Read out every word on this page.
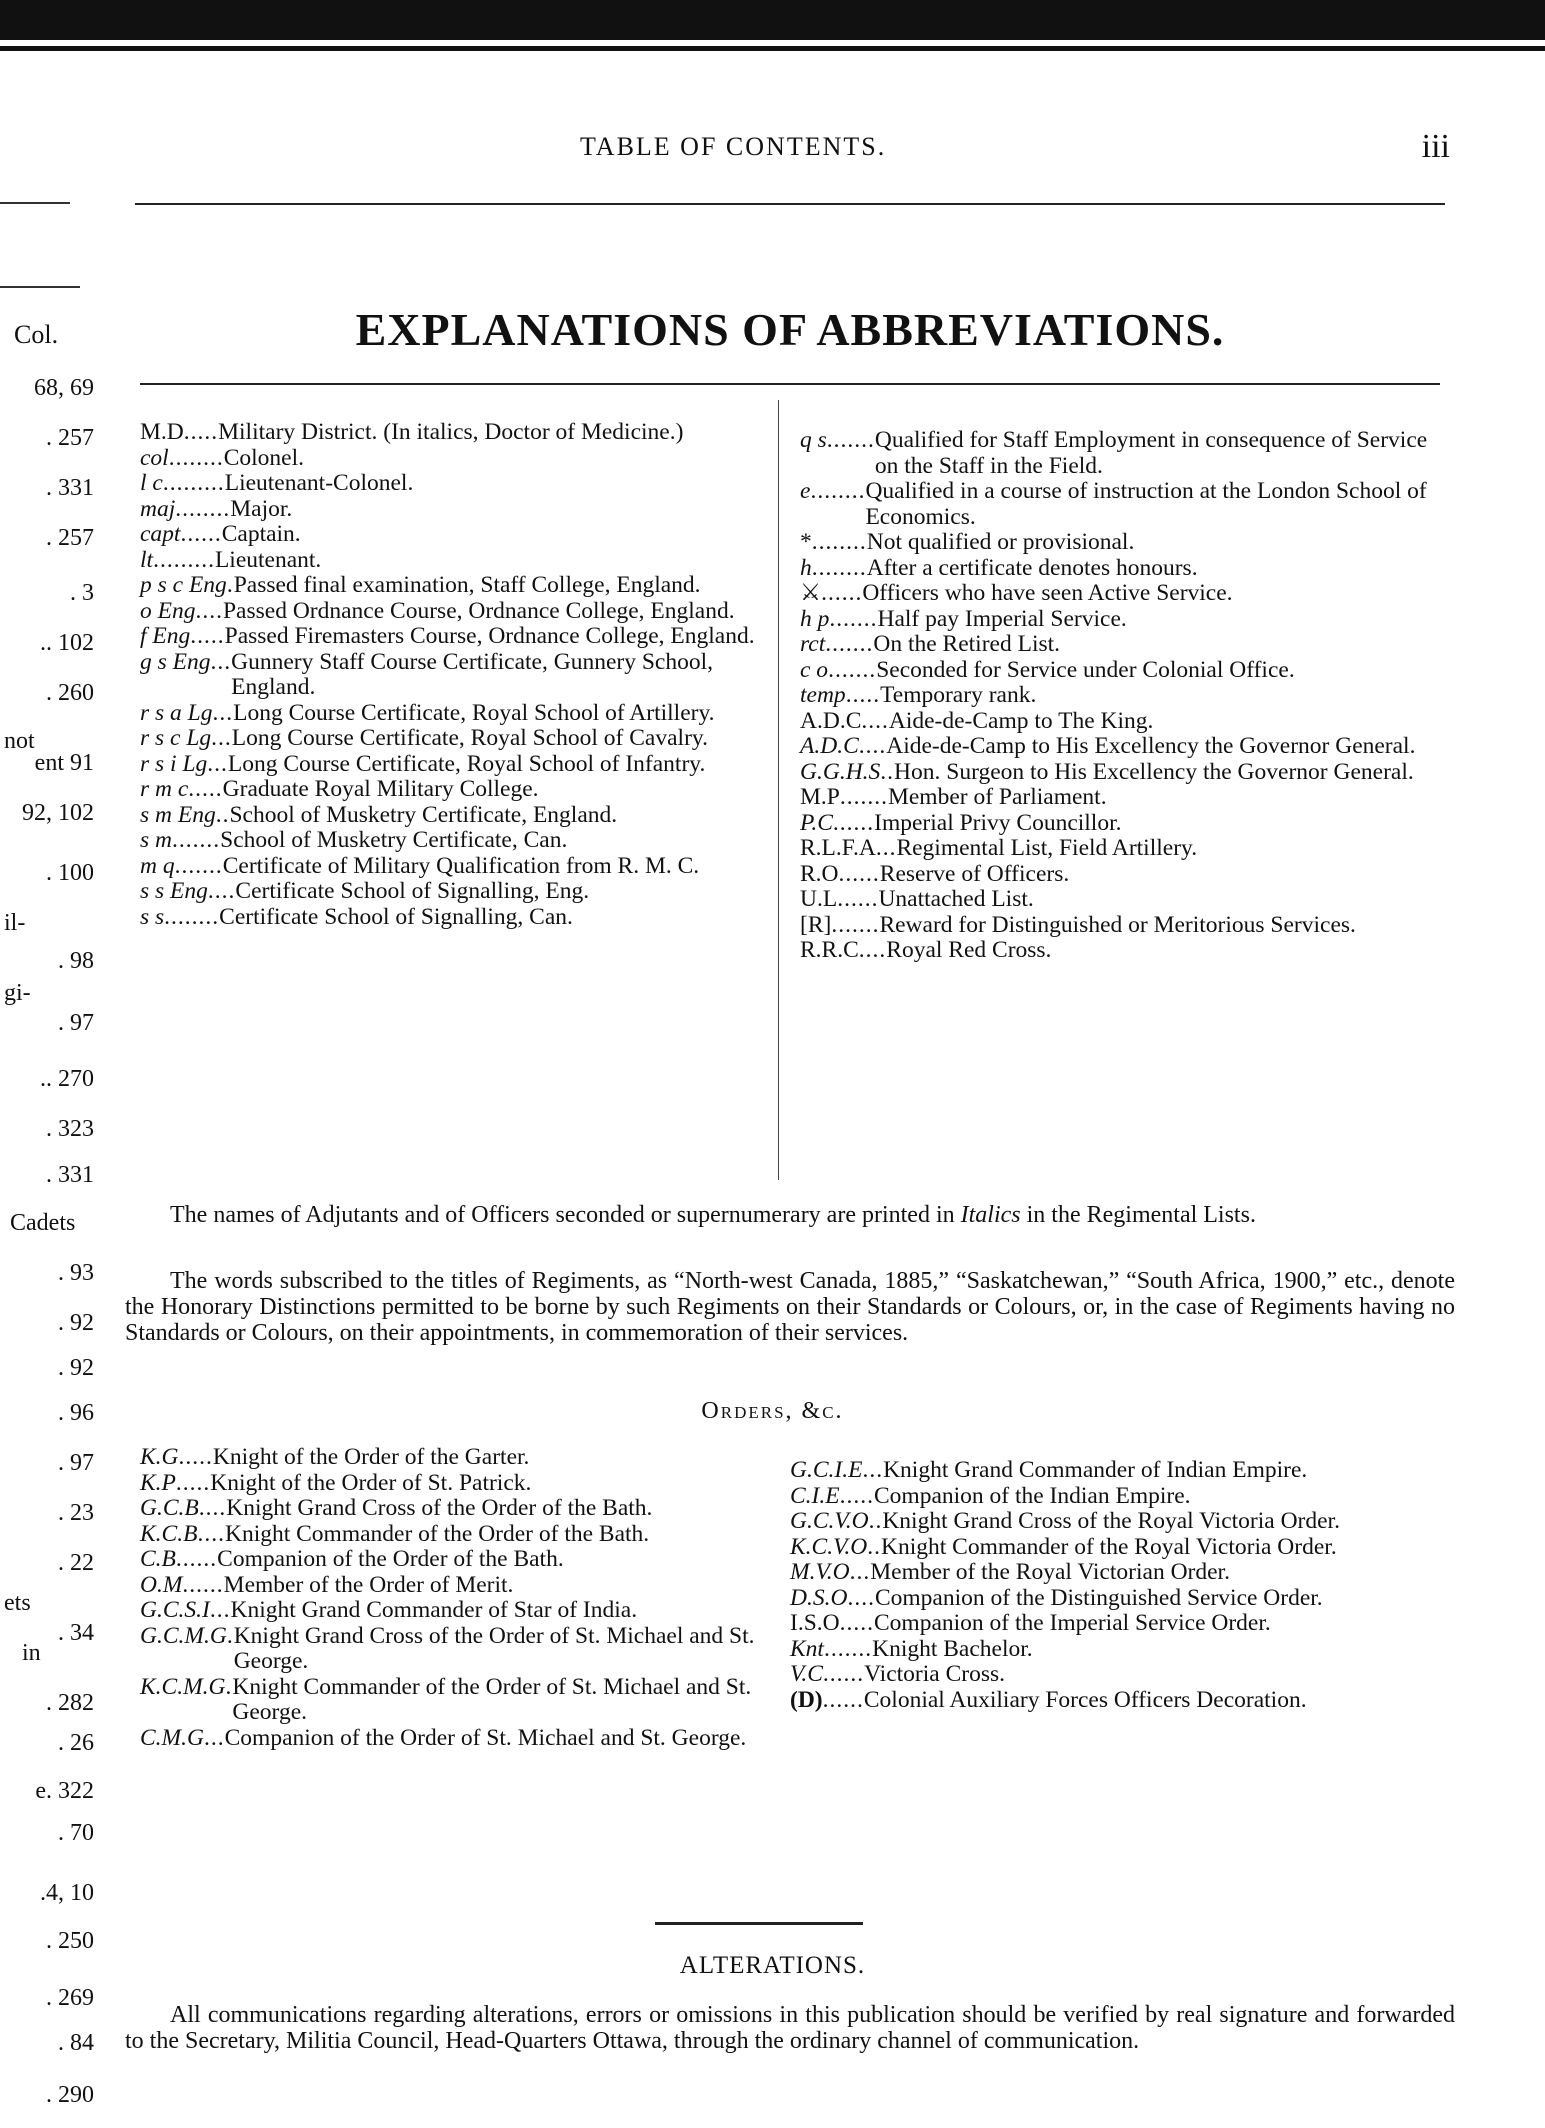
TABLE OF CONTENTS.	iii
Col.
68, 69
. 257
. 331
. 257
. 3
.. 102
. 260
not
ent 91
92, 102
. 100
il-
. 98
gi-
. 97
.. 270
. 323
. 331
Cadets
. 93
. 92
. 92
. 96
. 97
. 23
. 22
ets
. 34
in
. 282
. 26
e. 322
. 70
.4, 10
. 250
. 269
. 84
. 290
EXPLANATIONS OF ABBREVIATIONS.
M.D ..... Military District. (In italics, Doctor of Medicine.)
col ........ Colonel.
l c ......... Lieutenant-Colonel.
maj ........ Major.
capt ...... Captain.
lt ......... Lieutenant.
p s c Eng . Passed final examination, Staff College, England.
o Eng .... Passed Ordnance Course, Ordnance College, England.
f Eng ..... Passed Firemasters Course, Ordnance College, England.
g s Eng ... Gunnery Staff Course Certificate, Gunnery School, England.
r s a Lg ... Long Course Certificate, Royal School of Artillery.
r s c Lg ... Long Course Certificate, Royal School of Cavalry.
r s i Lg ... Long Course Certificate, Royal School of Infantry.
r m c ..... Graduate Royal Military College.
s m Eng .. School of Musketry Certificate, England.
s m ....... School of Musketry Certificate, Can.
m q ....... Certificate of Military Qualification from R. M. C.
s s Eng .... Certificate School of Signalling, Eng.
s s ........ Certificate School of Signalling, Can.
q s ....... Qualified for Staff Employment in consequence of Service on the Staff in the Field.
e ........ Qualified in a course of instruction at the London School of Economics.
* ........ Not qualified or provisional.
h ........ After a certificate denotes honours.
⚔ ...... Officers who have seen Active Service.
h p ....... Half pay Imperial Service.
rct ....... On the Retired List.
c o ....... Seconded for Service under Colonial Office.
temp ..... Temporary rank.
A.D.C .... Aide-de-Camp to The King.
A.D.C .... Aide-de-Camp to His Excellency the Governor General.
G.G.H.S .. Hon. Surgeon to His Excellency the Governor General.
M.P ....... Member of Parliament.
P.C ...... Imperial Privy Councillor.
R.L.F.A ... Regimental List, Field Artillery.
R.O ...... Reserve of Officers.
U.L ...... Unattached List.
[R] ....... Reward for Distinguished or Meritorious Services.
R.R.C .... Royal Red Cross.

The names of Adjutants and of Officers seconded or supernumerary are printed in Italics in the Regimental Lists.

The words subscribed to the titles of Regiments, as “North-west Canada, 1885,” “Saskatchewan,” “South Africa, 1900,” etc., denote the Honorary Distinctions permitted to be borne by such Regiments on their Standards or Colours, or, in the case of Regiments having no Standards or Colours, on their appointments, in commemoration of their services.

Orders, &c.
K.G ..... Knight of the Order of the Garter.
K.P ..... Knight of the Order of St. Patrick.
G.C.B .... Knight Grand Cross of the Order of the Bath.
K.C.B .... Knight Commander of the Order of the Bath.
C.B ...... Companion of the Order of the Bath.
O.M ...... Member of the Order of Merit.
G.C.S.I ... Knight Grand Commander of Star of India.
G.C.M.G . Knight Grand Cross of the Order of St. Michael and St. George.
K.C.M.G . Knight Commander of the Order of St. Michael and St. George.
C.M.G ... Companion of the Order of St. Michael and St. George.
G.C.I.E ... Knight Grand Commander of Indian Empire.
C.I.E ..... Companion of the Indian Empire.
G.C.V.O .. Knight Grand Cross of the Royal Victoria Order.
K.C.V.O .. Knight Commander of the Royal Victoria Order.
M.V.O ... Member of the Royal Victorian Order.
D.S.O .... Companion of the Distinguished Service Order.
I.S.O ..... Companion of the Imperial Service Order.
Knt ....... Knight Bachelor.
V.C ...... Victoria Cross.
(D) ...... Colonial Auxiliary Forces Officers Decoration.
ALTERATIONS.

All communications regarding alterations, errors or omissions in this publication should be verified by real signature and forwarded to the Secretary, Militia Council, Head-Quarters Ottawa, through the ordinary channel of communication.
